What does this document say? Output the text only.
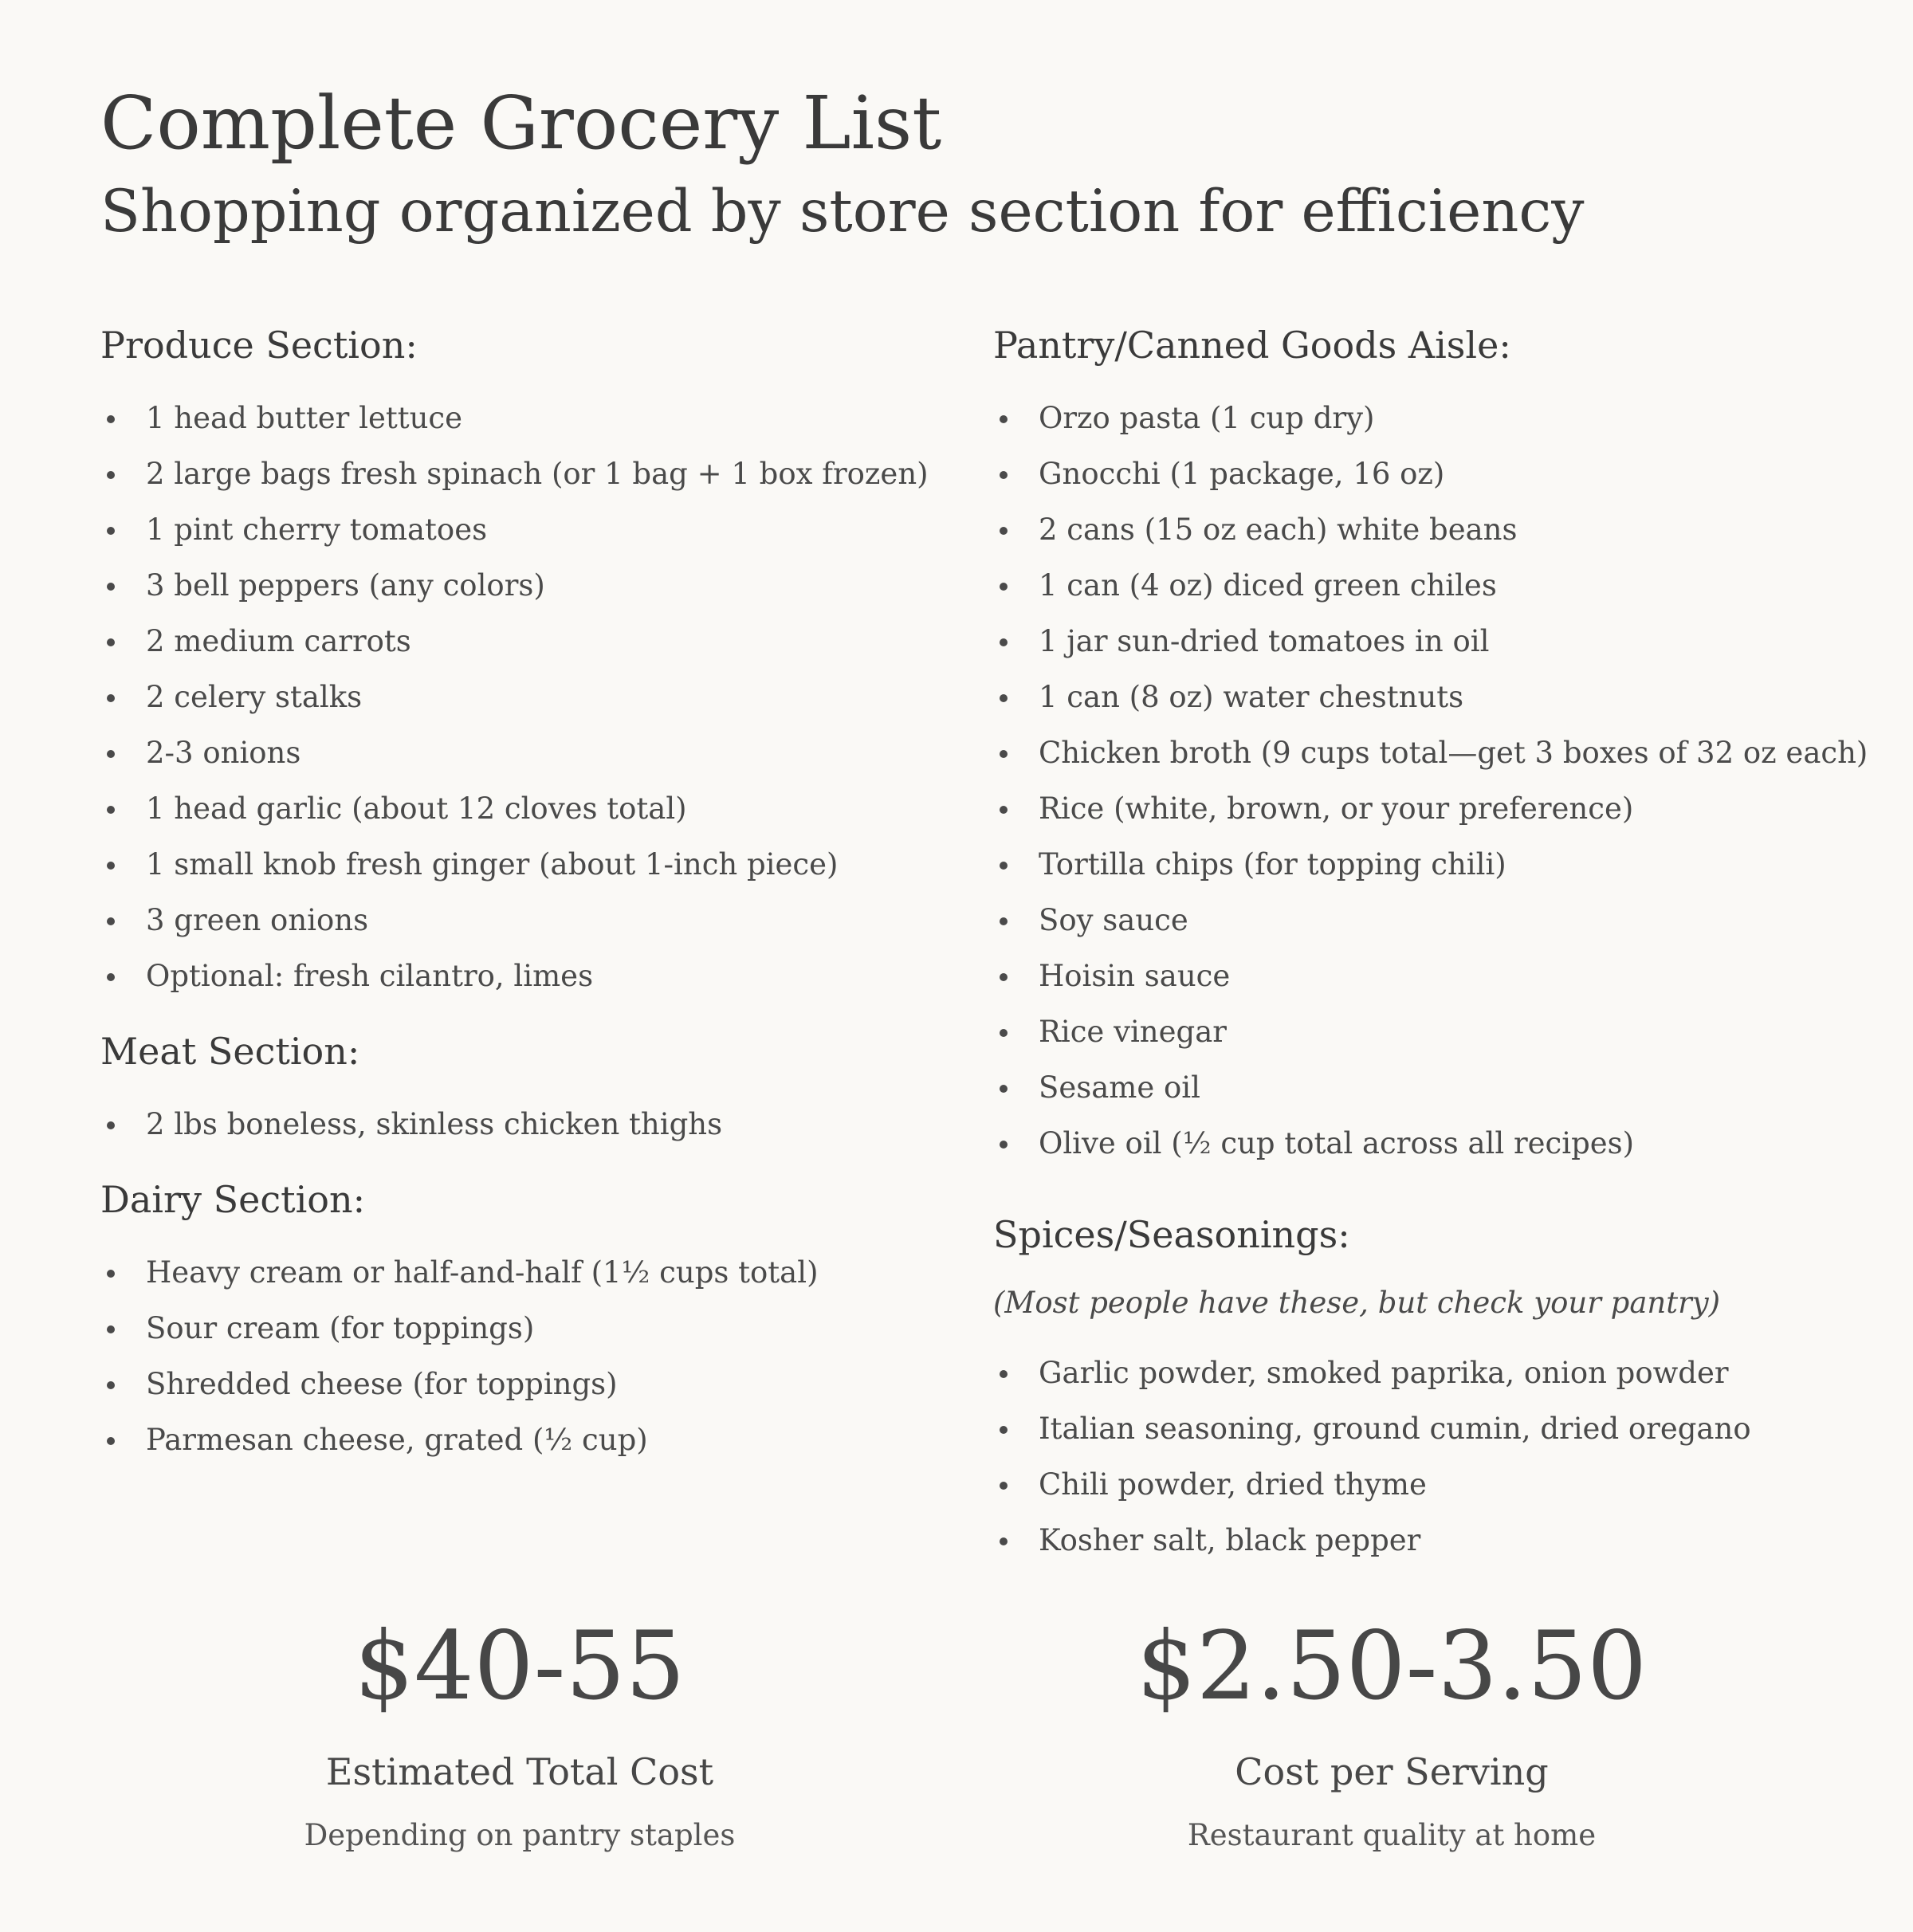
Complete Grocery List
Shopping organized by store section for efficiency
Produce Section:
1 head butter lettuce
2 large bags fresh spinach (or 1 bag + 1 box frozen)
1 pint cherry tomatoes
3 bell peppers (any colors)
2 medium carrots
2 celery stalks
2-3 onions
1 head garlic (about 12 cloves total)
1 small knob fresh ginger (about 1-inch piece)
3 green onions
Optional: fresh cilantro, limes
Meat Section:
2 lbs boneless, skinless chicken thighs
Dairy Section:
Heavy cream or half-and-half (1½ cups total)
Sour cream (for toppings)
Shredded cheese (for toppings)
Parmesan cheese, grated (½ cup)
Pantry/Canned Goods Aisle:
Orzo pasta (1 cup dry)
Gnocchi (1 package, 16 oz)
2 cans (15 oz each) white beans
1 can (4 oz) diced green chiles
1 jar sun-dried tomatoes in oil
1 can (8 oz) water chestnuts
Chicken broth (9 cups total—get 3 boxes of 32 oz each)
Rice (white, brown, or your preference)
Tortilla chips (for topping chili)
Soy sauce
Hoisin sauce
Rice vinegar
Sesame oil
Olive oil (½ cup total across all recipes)
Spices/Seasonings:

(Most people have these, but check your pantry)

Garlic powder, smoked paprika, onion powder
Italian seasoning, ground cumin, dried oregano
Chili powder, dried thyme
Kosher salt, black pepper
$40-55
Estimated Total Cost
Depending on pantry staples
$2.50-3.50
Cost per Serving
Restaurant quality at home
